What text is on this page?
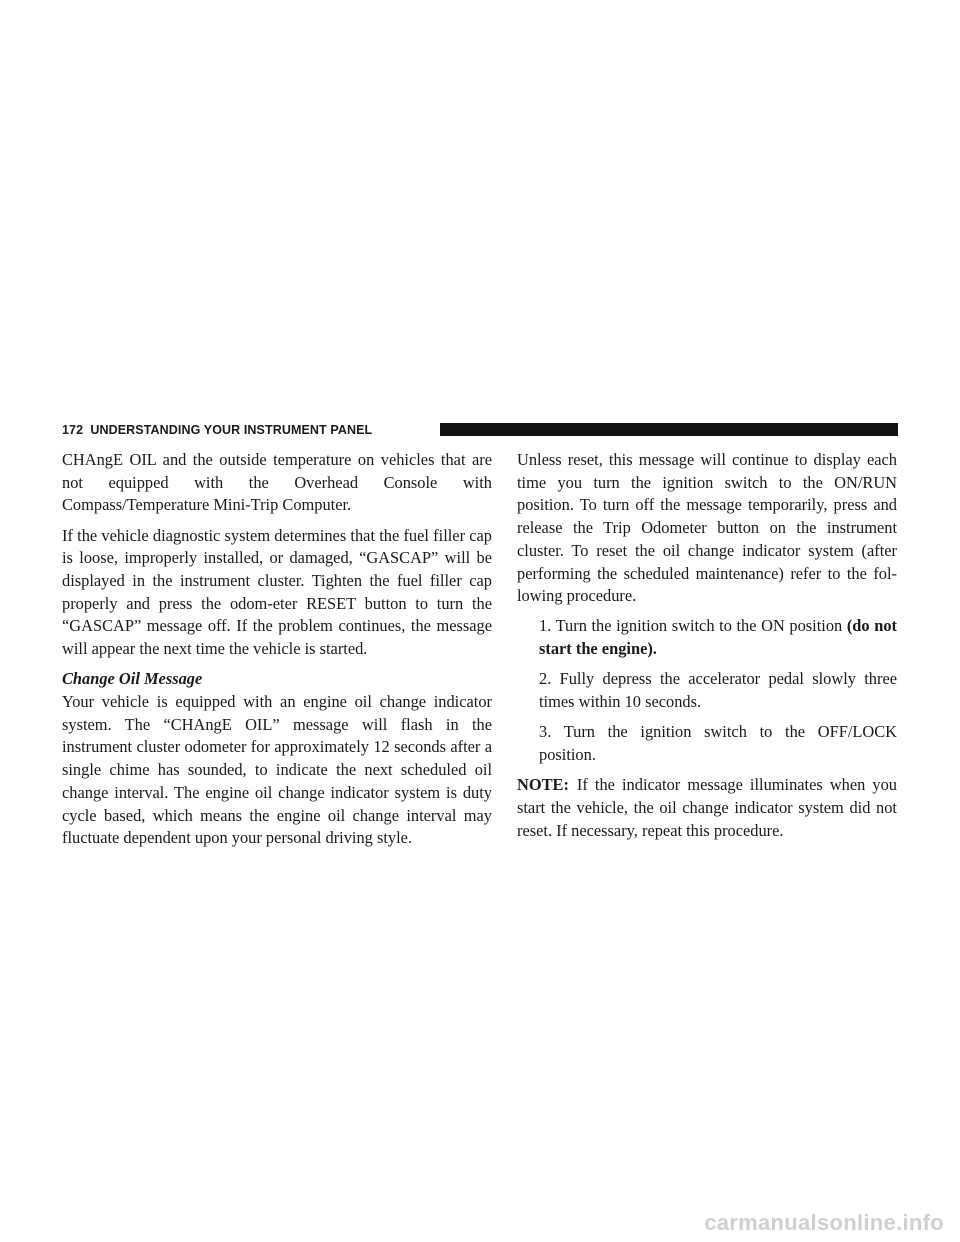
172 UNDERSTANDING YOUR INSTRUMENT PANEL

CHAngE OIL and the outside temperature on vehicles that are not equipped with the Overhead Console with Compass/Temperature Mini-Trip Computer.

If the vehicle diagnostic system determines that the fuel filler cap is loose, improperly installed, or damaged, “GASCAP” will be displayed in the instrument cluster. Tighten the fuel filler cap properly and press the odom-eter RESET button to turn the “GASCAP” message off. If the problem continues, the message will appear the next time the vehicle is started.

Change Oil Message

Your vehicle is equipped with an engine oil change indicator system. The “CHAngE OIL” message will flash in the instrument cluster odometer for approximately 12 seconds after a single chime has sounded, to indicate the next scheduled oil change interval. The engine oil change indicator system is duty cycle based, which means the engine oil change interval may fluctuate dependent upon your personal driving style.

Unless reset, this message will continue to display each time you turn the ignition switch to the ON/RUN position. To turn off the message temporarily, press and release the Trip Odometer button on the instrument cluster. To reset the oil change indicator system (after performing the scheduled maintenance) refer to the fol-lowing procedure.

1. Turn the ignition switch to the ON position (do not start the engine).

2. Fully depress the accelerator pedal slowly three times within 10 seconds.

3. Turn the ignition switch to the OFF/LOCK position.

NOTE: If the indicator message illuminates when you start the vehicle, the oil change indicator system did not reset. If necessary, repeat this procedure.

carmanualsonline.info
